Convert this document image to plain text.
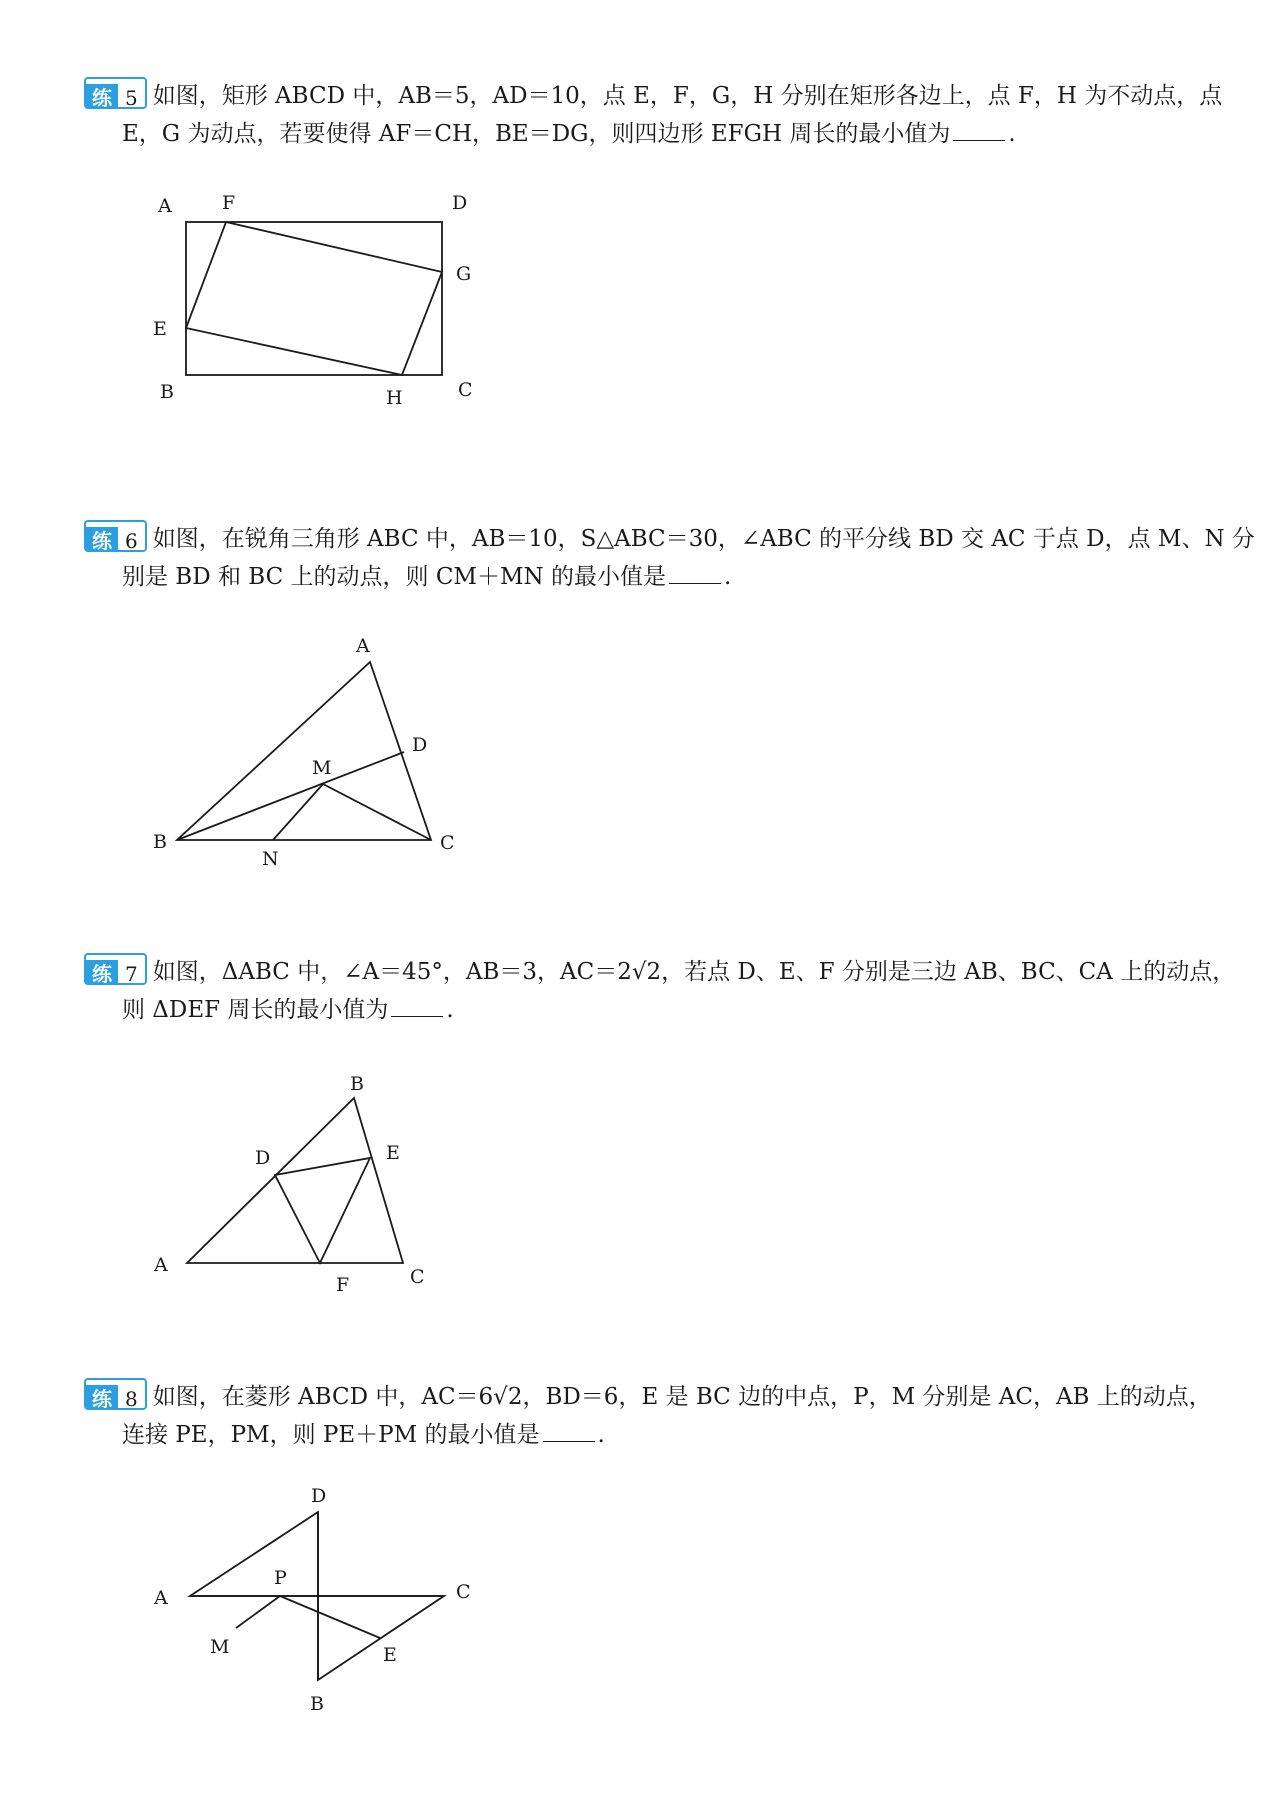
练 5 如图，矩形 ABCD 中，AB＝5，AD＝10，点 E，F，G，H 分别在矩形各边上，点 F，H 为不动点，点
E，G 为动点，若要使得 AF＝CH，BE＝DG，则四边形 EFGH 周长的最小值为	.
A	F	D
G
E
B	H	C
练 6 如图，在锐角三角形 ABC 中，AB＝10，S△ABC＝30，∠ABC 的平分线 BD 交 AC 于点 D，点 M、N 分
别是 BD 和 BC 上的动点，则 CM＋MN 的最小值是	.
A
D
M
B
N
C
练 7 如图，ΔABC 中，∠A＝45°，AB＝3，AC＝2√2，若点 D、E、F 分别是三边 AB、BC、CA 上的动点，
则 ΔDEF 周长的最小值为	.
B
D	E
A
F	C
练 8 如图，在菱形 ABCD 中，AC＝6√2，BD＝6，E 是 BC 边的中点，P，M 分别是 AC，AB 上的动点，
连接 PE，PM，则 PE＋PM 的最小值是	.
D
A
P
C
M	E
B
